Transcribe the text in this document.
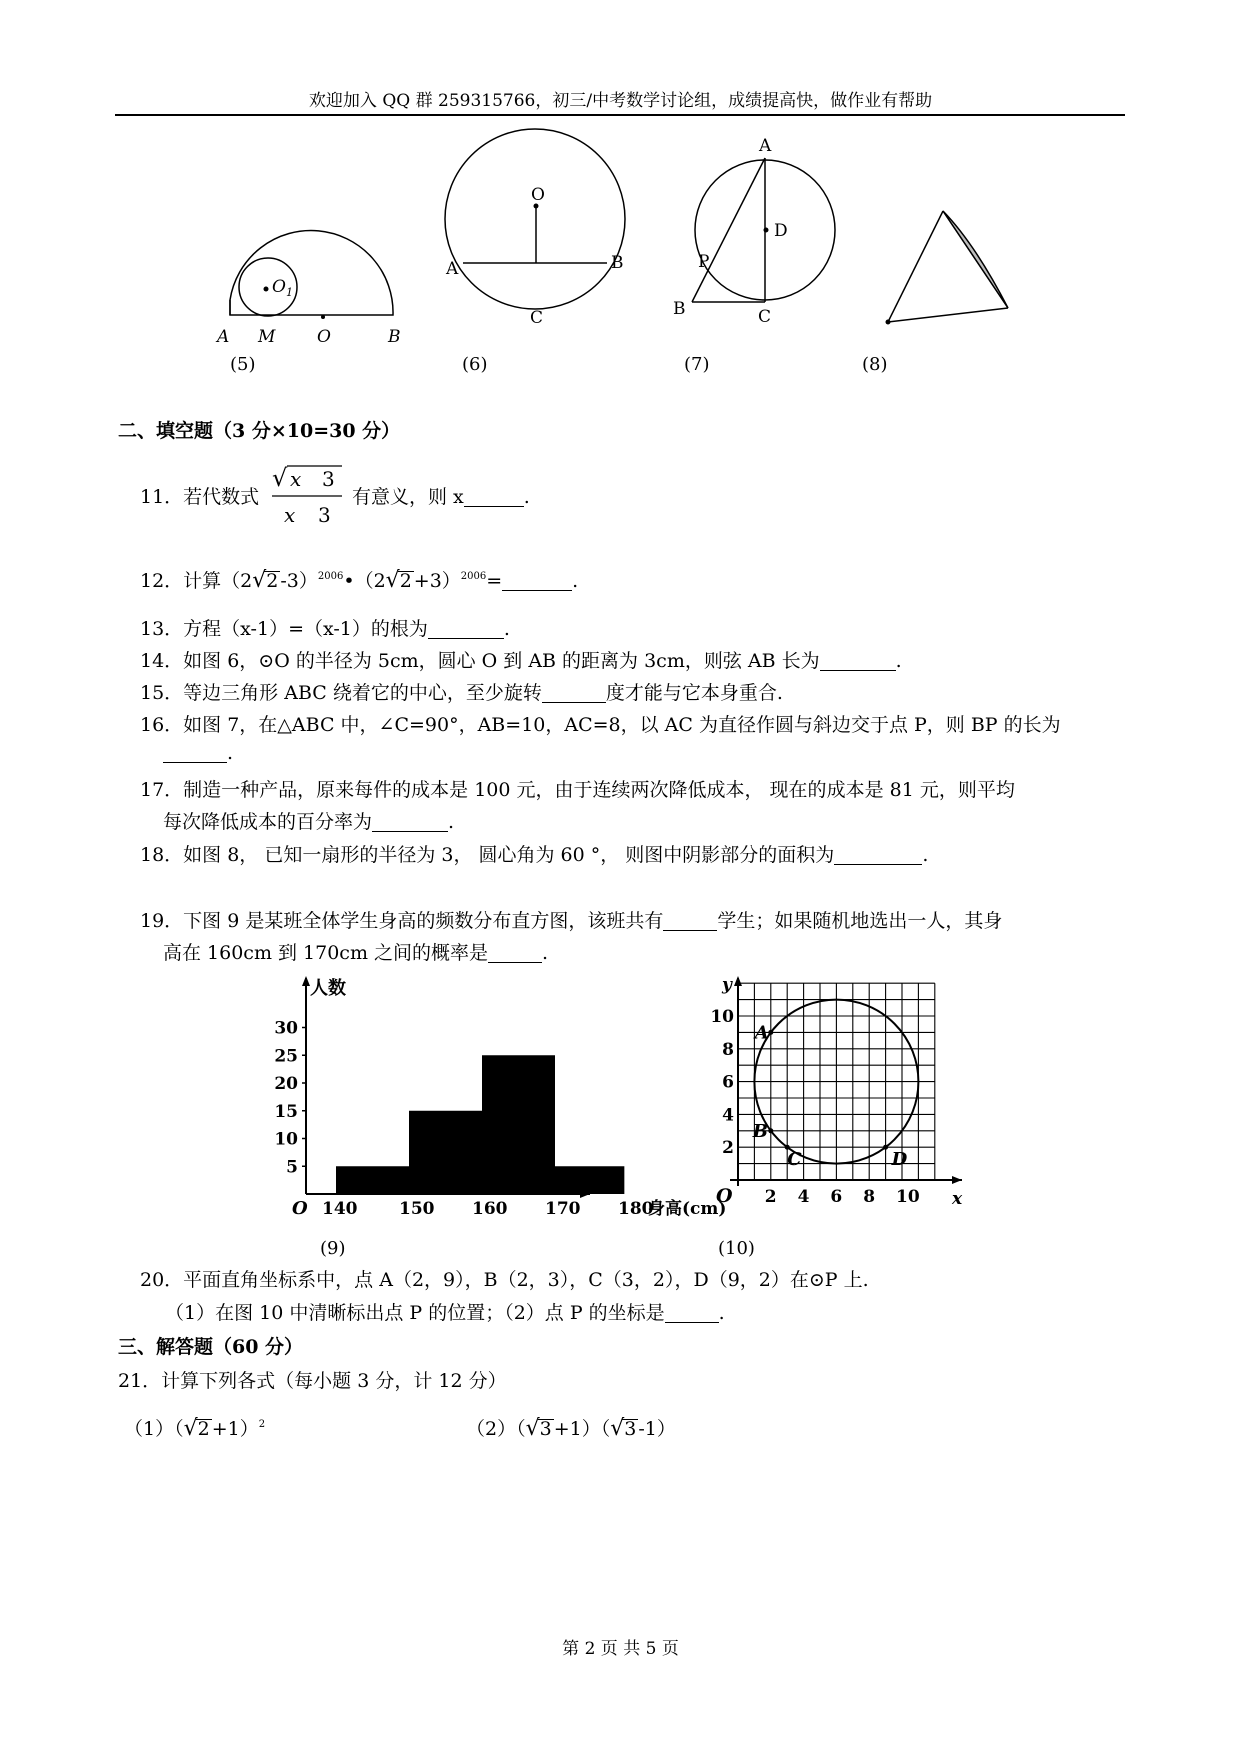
欢迎加入 QQ 群 259315766，初三/中考数学讨论组，成绩提高快，做作业有帮助
$O_1$
A M O	B
(5)
O
A	B
C
(6)
A
D
P
B	C
(7)	(8)
二、填空题（3 分×10=30 分）
11．若代数式
√ x 3
x 3
有意义，则 x	.
12．计算（2√2 -3）$^{2006}$•（2√2 +3）$^{2006}$=	.
13．方程（x-1）=（x-1）的根为	.
14．如图 6，⊙O 的半径为 5cm，圆心 O 到 AB 的距离为 3cm，则弦 AB 长为	.
15．等边三角形 ABC 绕着它的中心，至少旋转	度才能与它本身重合.
16．如图 7，在△ABC 中，∠C=90°，AB=10，AC=8，以 AC 为直径作圆与斜边交于点 P，则 BP 的长为
.
17．制造一种产品，原来每件的成本是 100 元，由于连续两次降低成本， 现在的成本是 81 元，则平均
每次降低成本的百分率为	.
18．如图 8， 已知一扇形的半径为 3， 圆心角为 60 °， 则图中阴影部分的面积为	.
19．下图 9 是某班全体学生身高的频数分布直方图，该班共有	学生；如果随机地选出一人，其身
高在 160cm 到 170cm 之间的概率是	.
人数
O
5
10
15
20
25
30
140 150 160 170 180
身高(cm)
(9)
2 4 6 8 10
2
4
6
8
10
O	x
y
A
B
C	D
(10)
20．平面直角坐标系中，点 A（2，9），B（2，3），C（3，2），D（9，2）在⊙P 上.
（1）在图 10 中清晰标出点 P 的位置；（2）点 P 的坐标是	.
三、解答题（60 分）
21．计算下列各式（每小题 3 分，计 12 分）
$(1)(√2 +1)^2$	（2）（√3 +1）（√3 -1）
第 2 页 共 5 页
